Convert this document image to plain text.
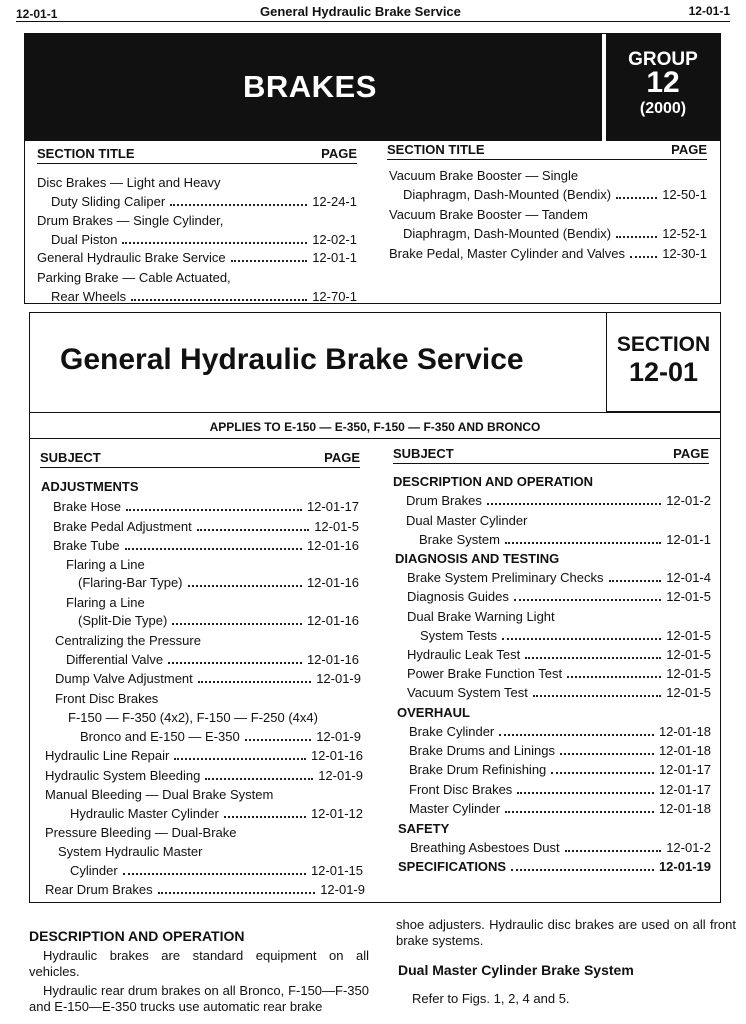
12-01-1	General Hydraulic Brake Service	12-01-1
BRAKES
GROUP
12
(2000)
SECTION TITLE	PAGE SECTION TITLE	PAGE
Disc Brakes — Light and Heavy
Duty Sliding Caliper	12-24-1
Drum Brakes — Single Cylinder,
Dual Piston	12-02-1
General Hydraulic Brake Service	12-01-1
Parking Brake — Cable Actuated,
Rear Wheels	12-70-1
Vacuum Brake Booster — Single
Diaphragm, Dash-Mounted (Bendix)	12-50-1
Vacuum Brake Booster — Tandem
Diaphragm, Dash-Mounted (Bendix)	12-52-1
Brake Pedal, Master Cylinder and Valves	12-30-1
General Hydraulic Brake Service	SECTION
12-01
APPLIES TO E-150 — E-350, F-150 — F-350 AND BRONCO
SUBJECT	PAGE	SUBJECT	PAGE
ADJUSTMENTS
Brake Hose	12-01-17
Brake Pedal Adjustment	12-01-5
Brake Tube	12-01-16
Flaring a Line
(Flaring-Bar Type)	12-01-16
Flaring a Line
(Split-Die Type)	12-01-16
Centralizing the Pressure
Differential Valve	12-01-16
Dump Valve Adjustment	12-01-9
Front Disc Brakes
F-150 — F-350 (4x2), F-150 — F-250 (4x4)
Bronco and E-150 — E-350	12-01-9
Hydraulic Line Repair	12-01-16
Hydraulic System Bleeding	12-01-9
Manual Bleeding — Dual Brake System
Hydraulic Master Cylinder	12-01-12
Pressure Bleeding — Dual-Brake
System Hydraulic Master
Cylinder	12-01-15
Rear Drum Brakes	12-01-9
DESCRIPTION AND OPERATION
Drum Brakes	12-01-2
Dual Master Cylinder
Brake System	12-01-1
DIAGNOSIS AND TESTING
Brake System Preliminary Checks	12-01-4
Diagnosis Guides	12-01-5
Dual Brake Warning Light
System Tests	12-01-5
Hydraulic Leak Test	12-01-5
Power Brake Function Test	12-01-5
Vacuum System Test	12-01-5
OVERHAUL
Brake Cylinder	12-01-18
Brake Drums and Linings	12-01-18
Brake Drum Refinishing	12-01-17
Front Disc Brakes	12-01-17
Master Cylinder	12-01-18
SAFETY
Breathing Asbestoes Dust	12-01-2
SPECIFICATIONS	12-01-19
DESCRIPTION AND OPERATION
Hydraulic brakes are standard equipment on all vehicles.
Hydraulic rear drum brakes on all Bronco, F-150—F-350 and E-150—E-350 trucks use automatic rear brake
shoe adjusters. Hydraulic disc brakes are used on all front brake systems.
Dual Master Cylinder Brake System
Refer to Figs. 1, 2, 4 and 5.
